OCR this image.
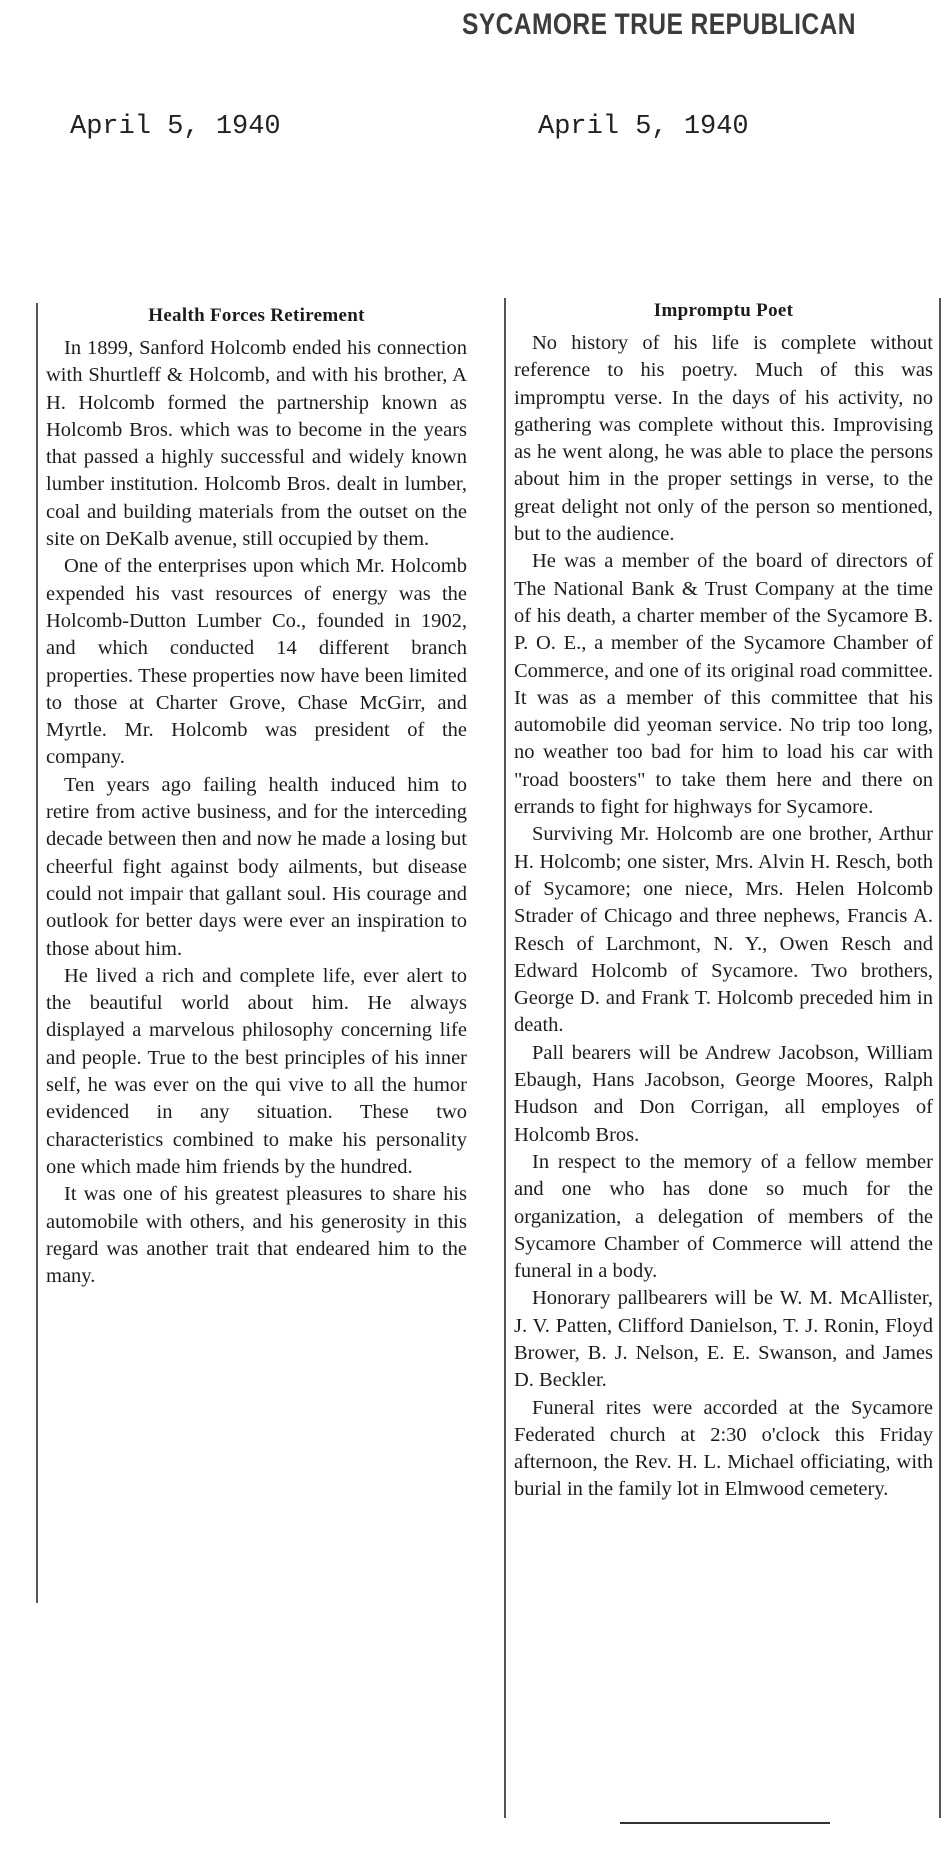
SYCAMORE TRUE REPUBLICAN
April 5, 1940	April 5, 1940
Health Forces Retirement

In 1899, Sanford Holcomb ended his connection with Shurtleff & Holcomb, and with his brother, A H. Holcomb formed the partnership known as Holcomb Bros. which was to become in the years that passed a highly successful and widely known lumber institution. Holcomb Bros. dealt in lumber, coal and building materials from the outset on the site on DeKalb avenue, still occupied by them.

One of the enterprises upon which Mr. Holcomb expended his vast resources of energy was the Holcomb-Dutton Lumber Co., founded in 1902, and which conducted 14 different branch properties. These properties now have been limited to those at Charter Grove, Chase McGirr, and Myrtle. Mr. Holcomb was president of the company.

Ten years ago failing health induced him to retire from active business, and for the interceding decade between then and now he made a losing but cheerful fight against body ailments, but disease could not impair that gallant soul. His courage and outlook for better days were ever an inspiration to those about him.

He lived a rich and complete life, ever alert to the beautiful world about him. He always displayed a marvelous philosophy concerning life and people. True to the best principles of his inner self, he was ever on the qui vive to all the humor evidenced in any situation. These two characteristics combined to make his personality one which made him friends by the hundred.

It was one of his greatest pleasures to share his automobile with others, and his generosity in this regard was another trait that endeared him to the many.

Impromptu Poet

No history of his life is complete without reference to his poetry. Much of this was impromptu verse. In the days of his activity, no gathering was complete without this. Improvising as he went along, he was able to place the persons about him in the proper settings in verse, to the great delight not only of the person so mentioned, but to the audience.

He was a member of the board of directors of The National Bank & Trust Company at the time of his death, a charter member of the Sycamore B. P. O. E., a member of the Sycamore Chamber of Commerce, and one of its original road committee. It was as a member of this committee that his automobile did yeoman service. No trip too long, no weather too bad for him to load his car with "road boosters" to take them here and there on errands to fight for highways for Sycamore.

Surviving Mr. Holcomb are one brother, Arthur H. Holcomb; one sister, Mrs. Alvin H. Resch, both of Sycamore; one niece, Mrs. Helen Holcomb Strader of Chicago and three nephews, Francis A. Resch of Larchmont, N. Y., Owen Resch and Edward Holcomb of Sycamore. Two brothers, George D. and Frank T. Holcomb preceded him in death.

Pall bearers will be Andrew Jacobson, William Ebaugh, Hans Jacobson, George Moores, Ralph Hudson and Don Corrigan, all employes of Holcomb Bros.

In respect to the memory of a fellow member and one who has done so much for the organization, a delegation of members of the Sycamore Chamber of Commerce will attend the funeral in a body.

Honorary pallbearers will be W. M. McAllister, J. V. Patten, Clifford Danielson, T. J. Ronin, Floyd Brower, B. J. Nelson, E. E. Swanson, and James D. Beckler.

Funeral rites were accorded at the Sycamore Federated church at 2:30 o'clock this Friday afternoon, the Rev. H. L. Michael officiating, with burial in the family lot in Elmwood cemetery.
